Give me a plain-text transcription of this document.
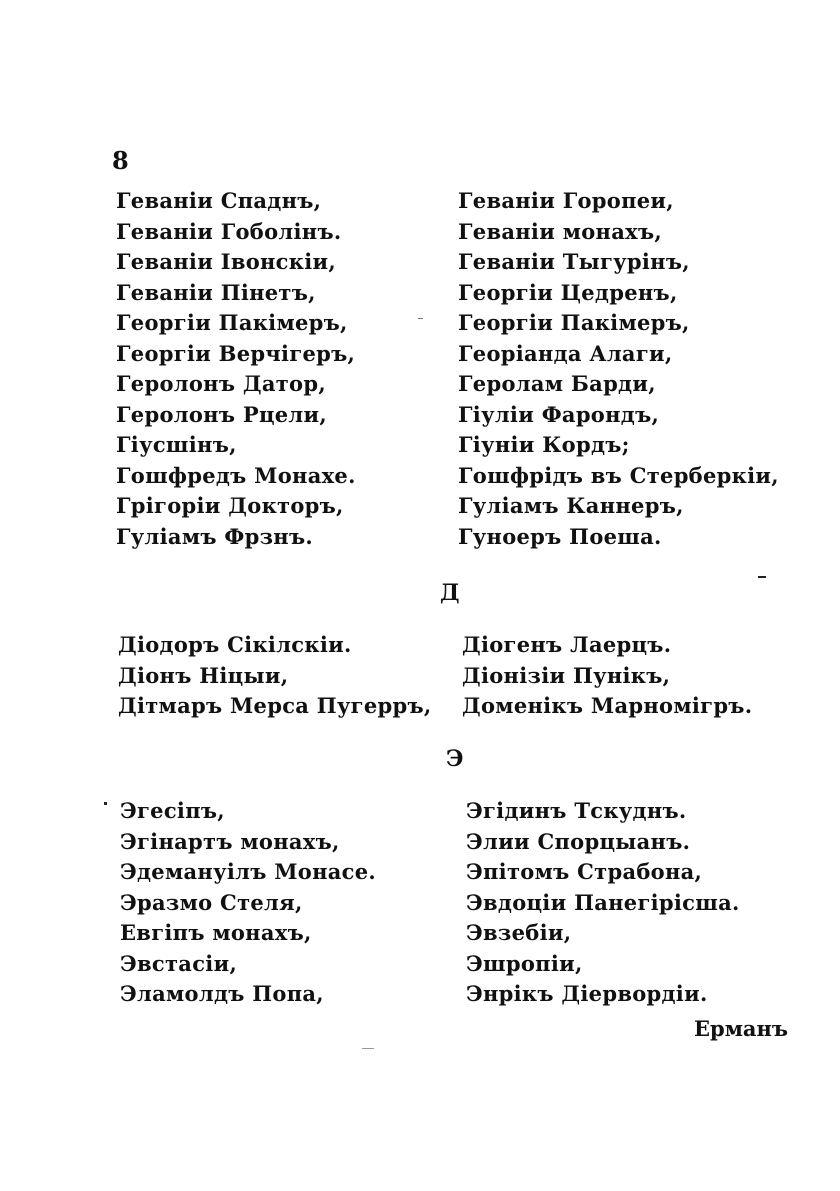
8
Геваніи Спаднъ,
Геваніи Гоболінъ.
Геваніи Івонскіи,
Геваніи Пінетъ,
Георгіи Пакімеръ,
Георгіи Верчігеръ,
Геролонъ Датор,
Геролонъ Рцели,
Гіусшінъ,
Гошфредъ Монахе.
Грігоріи Докторъ,
Гуліамъ Фрзнъ.
Геваніи Горопеи,
Геваніи монахъ,
Геваніи Тыгурінъ,
Георгіи Цедренъ,
Георгіи Пакімеръ,
Георіанда Алаги,
Геролам Барди,
Гіуліи Фарондъ,
Гіуніи Кордъ;
Гошфрідъ въ Стерберкіи,
Гуліамъ Каннеръ,
Гуноеръ Поеша.
Д
Діодоръ Сікілскіи.
Діонъ Ніцыи,
Дітмаръ Мерса Пугерръ,
Діогенъ Лаерцъ.
Діонізіи Пунікъ,
Доменікъ Марномігръ.
Э
Эгесіпъ,
Эгінартъ монахъ,
Эдемануілъ Монасе.
Эразмо Стеля,
Евгіпъ монахъ,
Эвстасіи,
Эламолдъ Попа,
Эгідинъ Тскуднъ.
Элии Спорцыанъ.
Эпітомъ Страбона,
Эвдоціи Панегірісша.
Эвзебіи,
Эшропіи,
Энрікъ Діервордіи.
Ерманъ
